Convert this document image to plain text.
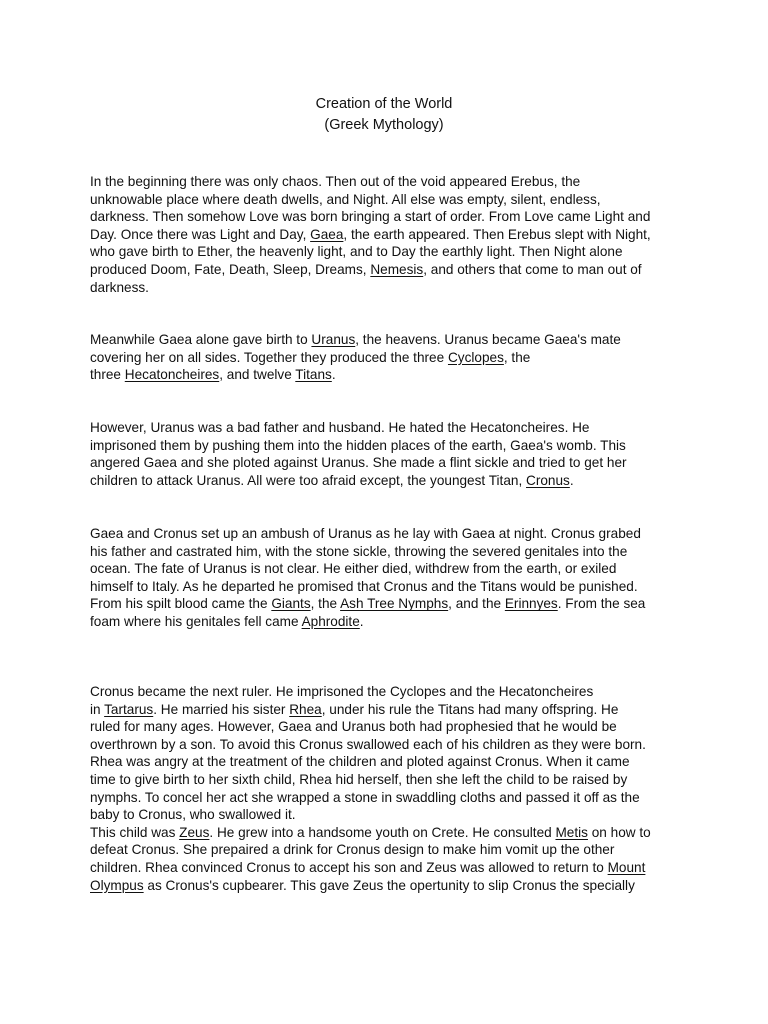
Creation of the World
(Greek Mythology)

In the beginning there was only chaos. Then out of the void appeared Erebus, the
unknowable place where death dwells, and Night. All else was empty, silent, endless,
darkness. Then somehow Love was born bringing a start of order. From Love came Light and
Day. Once there was Light and Day, Gaea, the earth appeared. Then Erebus slept with Night,
who gave birth to Ether, the heavenly light, and to Day the earthly light. Then Night alone
produced Doom, Fate, Death, Sleep, Dreams, Nemesis, and others that come to man out of
darkness.

Meanwhile Gaea alone gave birth to Uranus, the heavens. Uranus became Gaea's mate
covering her on all sides. Together they produced the three Cyclopes, the
three Hecatoncheires, and twelve Titans.

However, Uranus was a bad father and husband. He hated the Hecatoncheires. He
imprisoned them by pushing them into the hidden places of the earth, Gaea's womb. This
angered Gaea and she ploted against Uranus. She made a flint sickle and tried to get her
children to attack Uranus. All were too afraid except, the youngest Titan, Cronus.

Gaea and Cronus set up an ambush of Uranus as he lay with Gaea at night. Cronus grabed
his father and castrated him, with the stone sickle, throwing the severed genitales into the
ocean. The fate of Uranus is not clear. He either died, withdrew from the earth, or exiled
himself to Italy. As he departed he promised that Cronus and the Titans would be punished.
From his spilt blood came the Giants, the Ash Tree Nymphs, and the Erinnyes. From the sea
foam where his genitales fell came Aphrodite.

Cronus became the next ruler. He imprisoned the Cyclopes and the Hecatoncheires
in Tartarus. He married his sister Rhea, under his rule the Titans had many offspring. He
ruled for many ages. However, Gaea and Uranus both had prophesied that he would be
overthrown by a son. To avoid this Cronus swallowed each of his children as they were born.
Rhea was angry at the treatment of the children and ploted against Cronus. When it came
time to give birth to her sixth child, Rhea hid herself, then she left the child to be raised by
nymphs. To concel her act she wrapped a stone in swaddling cloths and passed it off as the
baby to Cronus, who swallowed it.
This child was Zeus. He grew into a handsome youth on Crete. He consulted Metis on how to
defeat Cronus. She prepaired a drink for Cronus design to make him vomit up the other
children. Rhea convinced Cronus to accept his son and Zeus was allowed to return to Mount
Olympus as Cronus's cupbearer. This gave Zeus the opertunity to slip Cronus the specially
